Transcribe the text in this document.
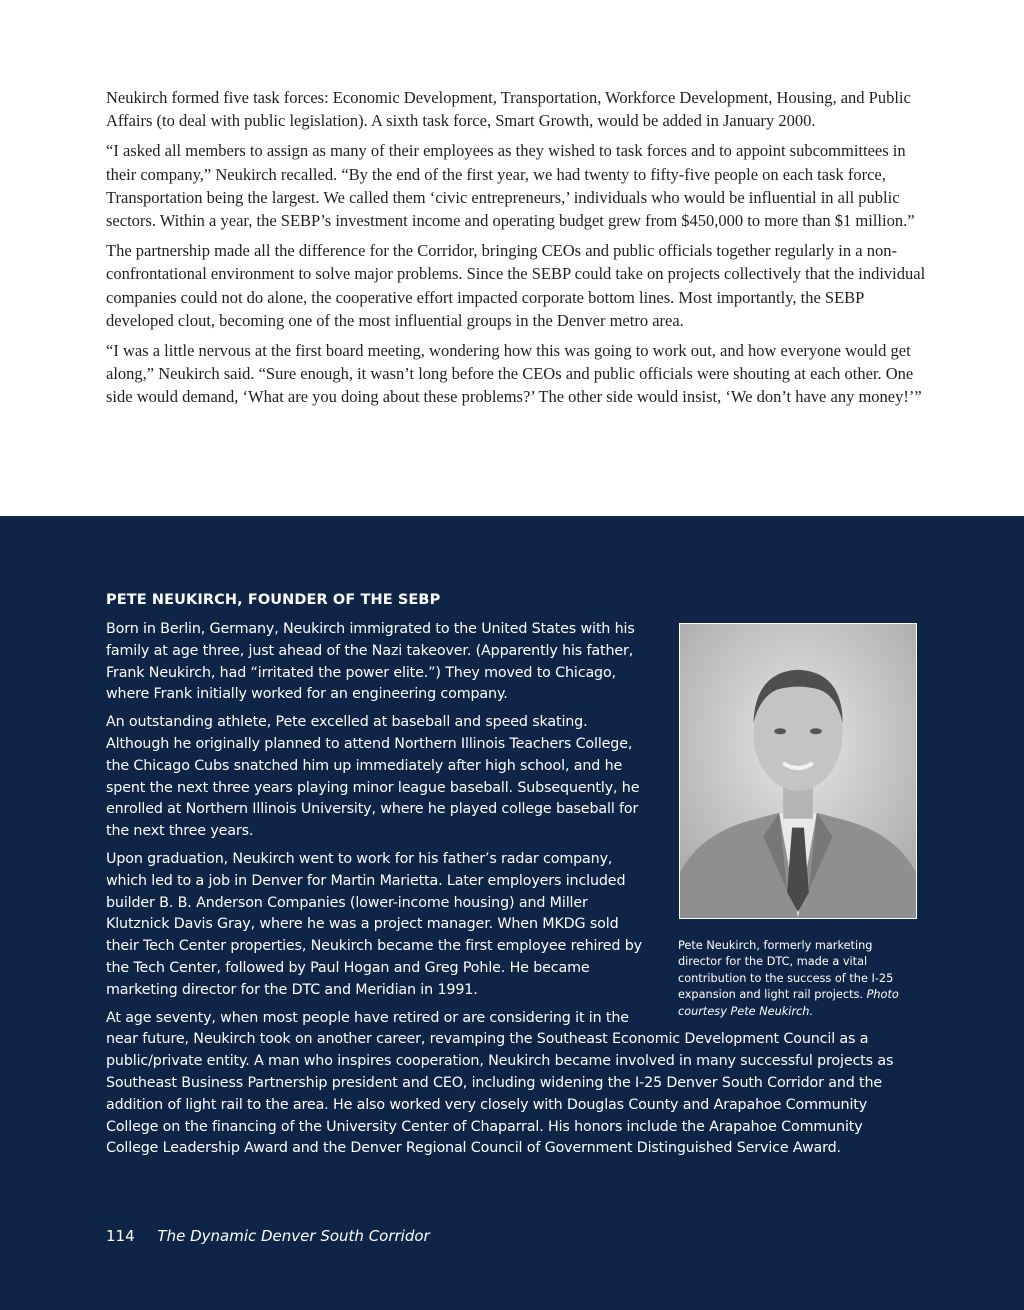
Neukirch formed five task forces: Economic Development, Transportation, Workforce Development, Housing, and Public Affairs (to deal with public legislation). A sixth task force, Smart Growth, would be added in January 2000.

“I asked all members to assign as many of their employees as they wished to task forces and to appoint subcommittees in their company,” Neukirch recalled. “By the end of the first year, we had twenty to fifty-five people on each task force, Transportation being the largest. We called them ‘civic entrepreneurs,’ individuals who would be influential in all public sectors. Within a year, the SEBP’s investment income and operating budget grew from $450,000 to more than $1 million.”

The partnership made all the difference for the Corridor, bringing CEOs and public officials together regularly in a non-confrontational environment to solve major problems. Since the SEBP could take on projects collectively that the individual companies could not do alone, the cooperative effort impacted corporate bottom lines. Most importantly, the SEBP developed clout, becoming one of the most influential groups in the Denver metro area.

“I was a little nervous at the first board meeting, wondering how this was going to work out, and how everyone would get along,” Neukirch said. “Sure enough, it wasn’t long before the CEOs and public officials were shouting at each other. One side would demand, ‘What are you doing about these problems?’ The other side would insist, ‘We don’t have any money!’”

PETE NEUKIRCH, FOUNDER OF THE SEBP

Born in Berlin, Germany, Neukirch immigrated to the United States with his family at age three, just ahead of the Nazi takeover. (Apparently his father, Frank Neukirch, had “irritated the power elite.”) They moved to Chicago, where Frank initially worked for an engineering company.

An outstanding athlete, Pete excelled at baseball and speed skating. Although he originally planned to attend Northern Illinois Teachers College, the Chicago Cubs snatched him up immediately after high school, and he spent the next three years playing minor league baseball. Subsequently, he enrolled at Northern Illinois University, where he played college baseball for the next three years.

Upon graduation, Neukirch went to work for his father’s radar company, which led to a job in Denver for Martin Marietta. Later employers included builder B. B. Anderson Companies (lower-income housing) and Miller Klutznick Davis Gray, where he was a project manager. When MKDG sold their Tech Center properties, Neukirch became the first employee rehired by the Tech Center, followed by Paul Hogan and Greg Pohle. He became marketing director for the DTC and Meridian in 1991.

At age seventy, when most people have retired or are considering it in the near future, Neukirch took on another career, revamping the Southeast Economic Development Council as a public/private entity. A man who inspires cooperation, Neukirch became involved in many successful projects as Southeast Business Partnership president and CEO, including widening the I-25 Denver South Corridor and the addition of light rail to the area. He also worked very closely with Douglas County and Arapahoe Community College on the financing of the University Center of Chaparral. His honors include the Arapahoe Community College Leadership Award and the Denver Regional Council of Government Distinguished Service Award.

Pete Neukirch, formerly marketing director for the DTC, made a vital contribution to the success of the I-25 expansion and light rail projects. Photo courtesy Pete Neukirch.
114 The Dynamic Denver South Corridor
